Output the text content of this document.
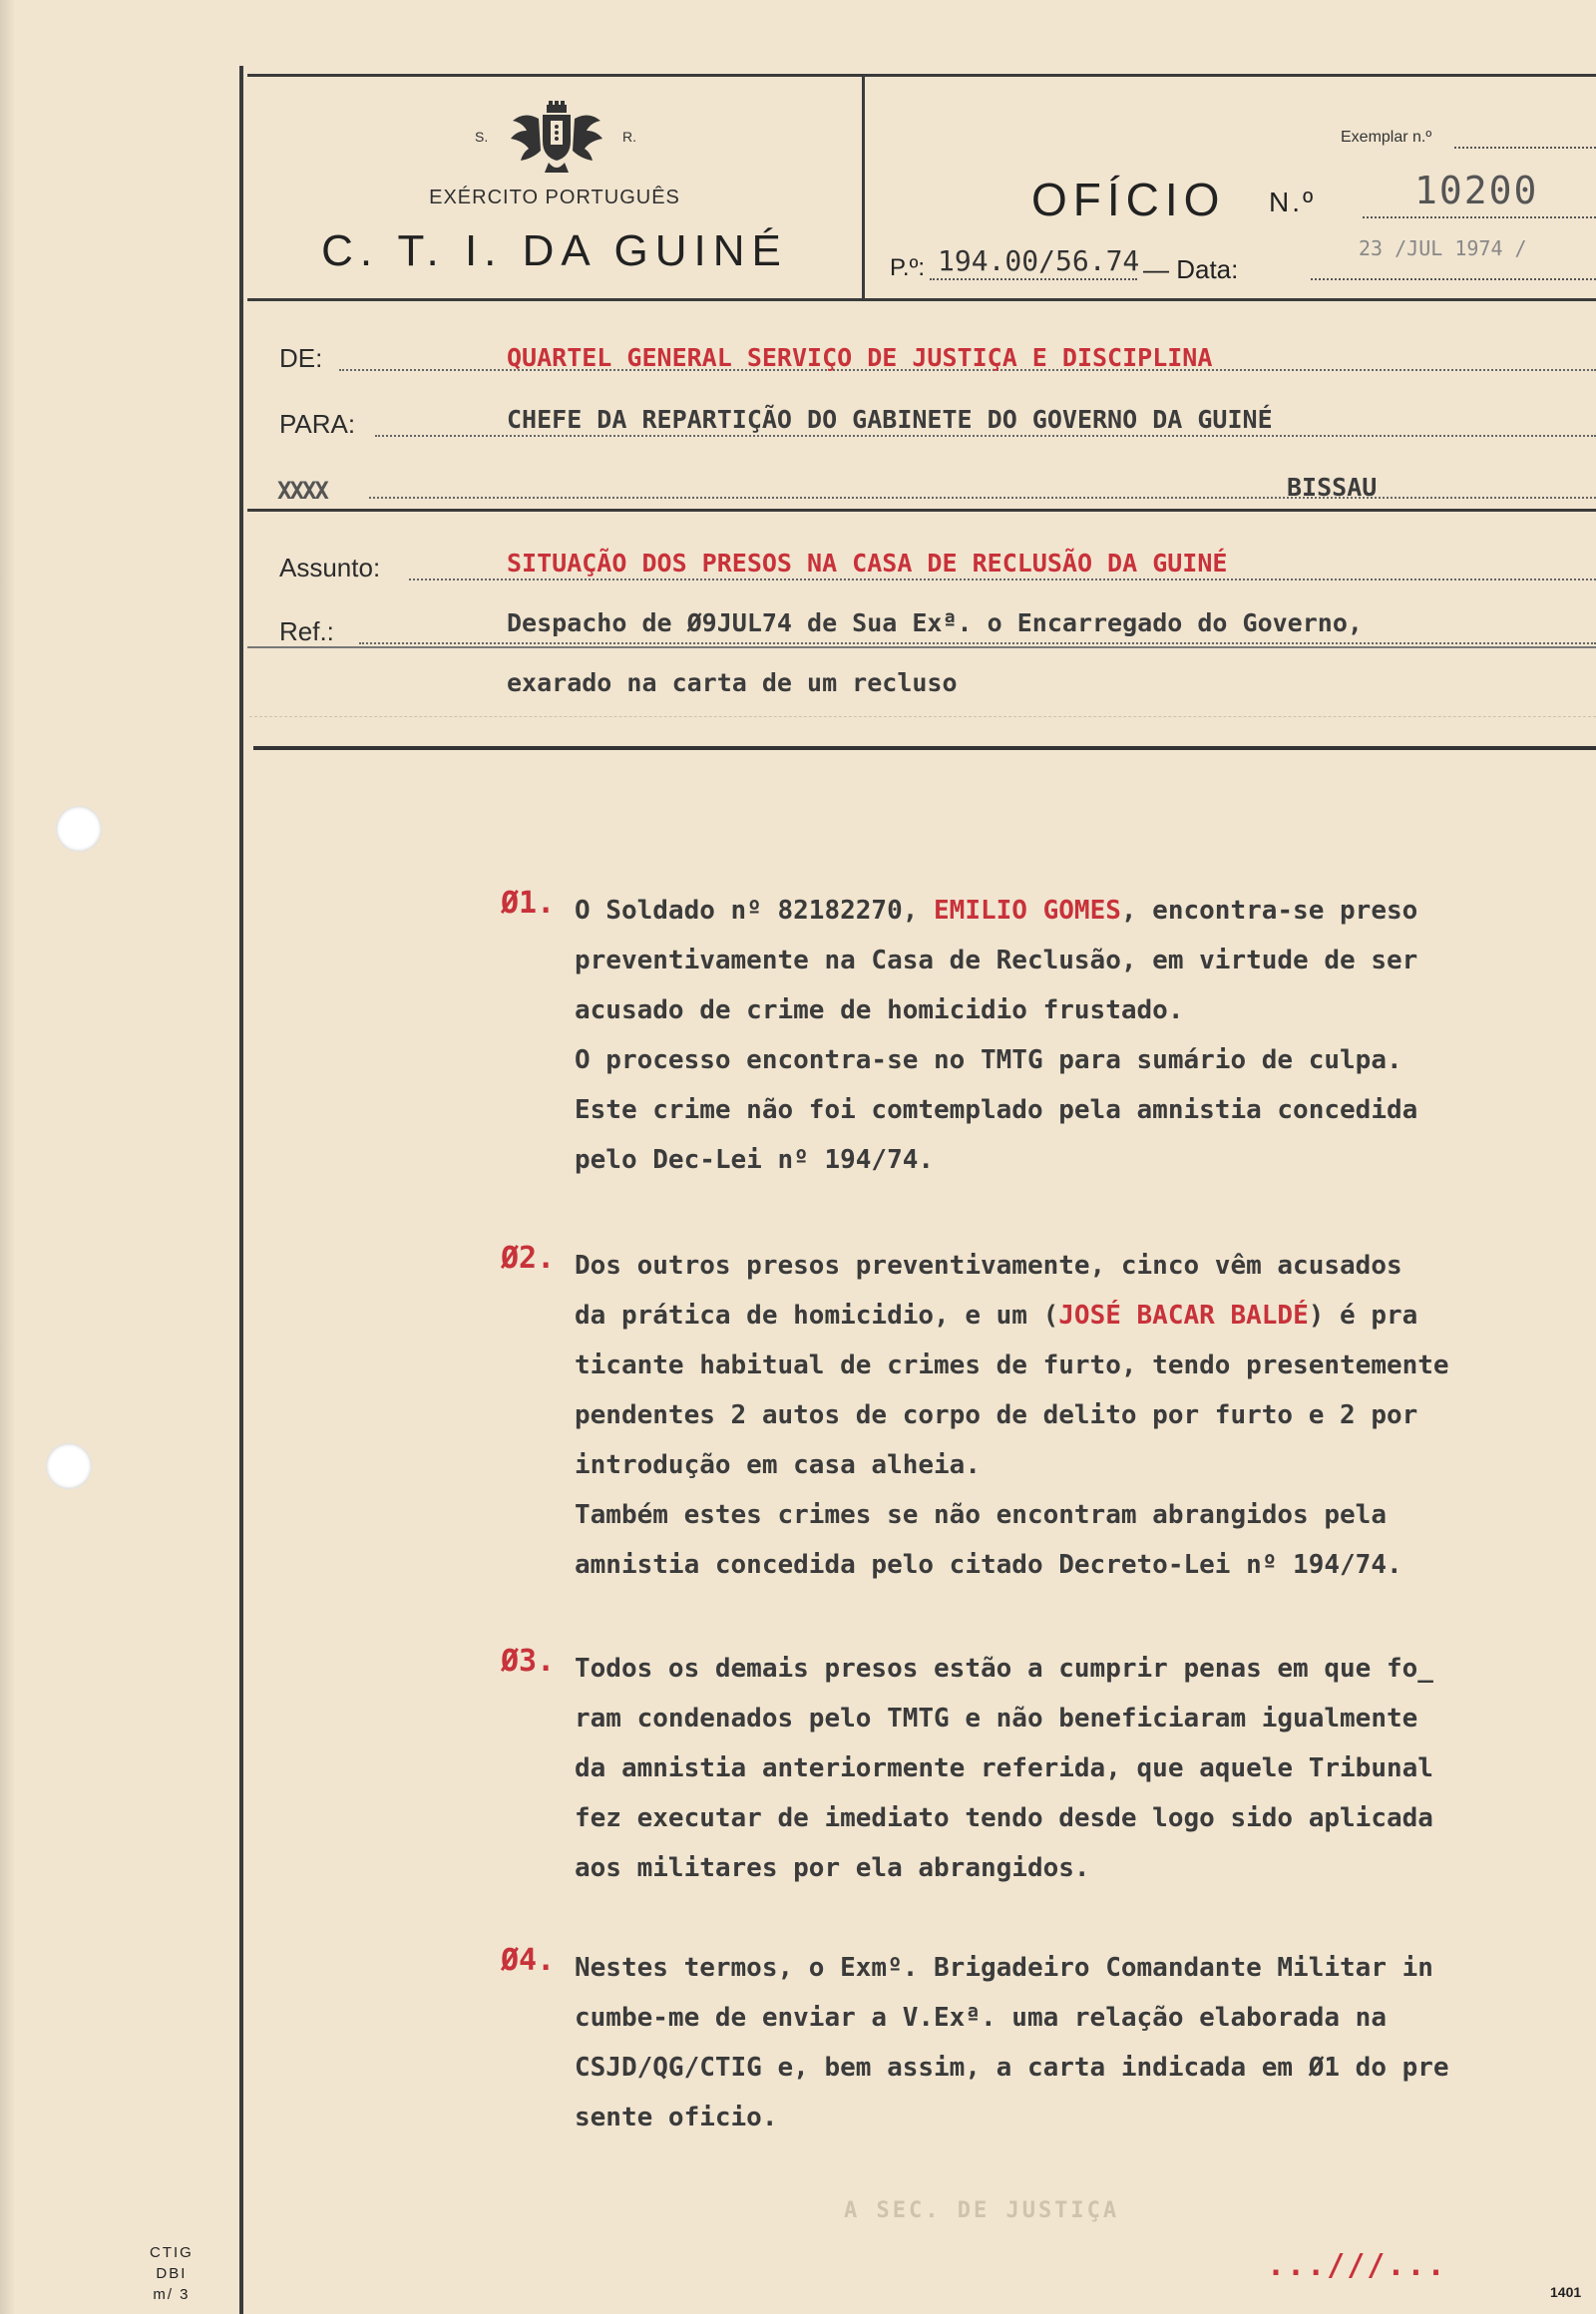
S.	R.
EXÉRCITO PORTUGUÊS
C. T. I. DA GUINÉ
Exemplar n.º
OFÍCIO N.º	10200
P.º: 194.00/56.74 — Data:
23 /JUL 1974 /
DE:	QUARTEL GENERAL SERVIÇO DE JUSTIÇA E DISCIPLINA
PARA:	CHEFE DA REPARTIÇÃO DO GABINETE DO GOVERNO DA GUINÉ
XXXX	BISSAU
Assunto:	SITUAÇÃO DOS PRESOS NA CASA DE RECLUSÃO DA GUINÉ
Ref.:	Despacho de Ø9JUL74 de Sua Exª. o Encarregado do Governo,
exarado na carta de um recluso
Ø1. O Soldado nº 82182270, EMILIO GOMES, encontra-se preso
preventivamente na Casa de Reclusão, em virtude de ser
acusado de crime de homicidio frustado.
O processo encontra-se no TMTG para sumário de culpa.
Este crime não foi comtemplado pela amnistia concedida
pelo Dec-Lei nº 194/74.
Ø2. Dos outros presos preventivamente, cinco vêm acusados
da prática de homicidio, e um (JOSÉ BACAR BALDÉ) é pra
ticante habitual de crimes de furto, tendo presentemente
pendentes 2 autos de corpo de delito por furto e 2 por
introdução em casa alheia.
Também estes crimes se não encontram abrangidos pela
amnistia concedida pelo citado Decreto-Lei nº 194/74.
Ø3. Todos os demais presos estão a cumprir penas em que fo_
ram condenados pelo TMTG e não beneficiaram igualmente
da amnistia anteriormente referida, que aquele Tribunal
fez executar de imediato tendo desde logo sido aplicada
aos militares por ela abrangidos.
Ø4. Nestes termos, o Exmº. Brigadeiro Comandante Militar in
cumbe-me de enviar a V.Exª. uma relação elaborada na
CSJD/QG/CTIG e, bem assim, a carta indicada em Ø1 do pre
sente oficio.
A SEC. DE JUSTIÇA
...///...
CTIG
DBI
m/ 3	1401
